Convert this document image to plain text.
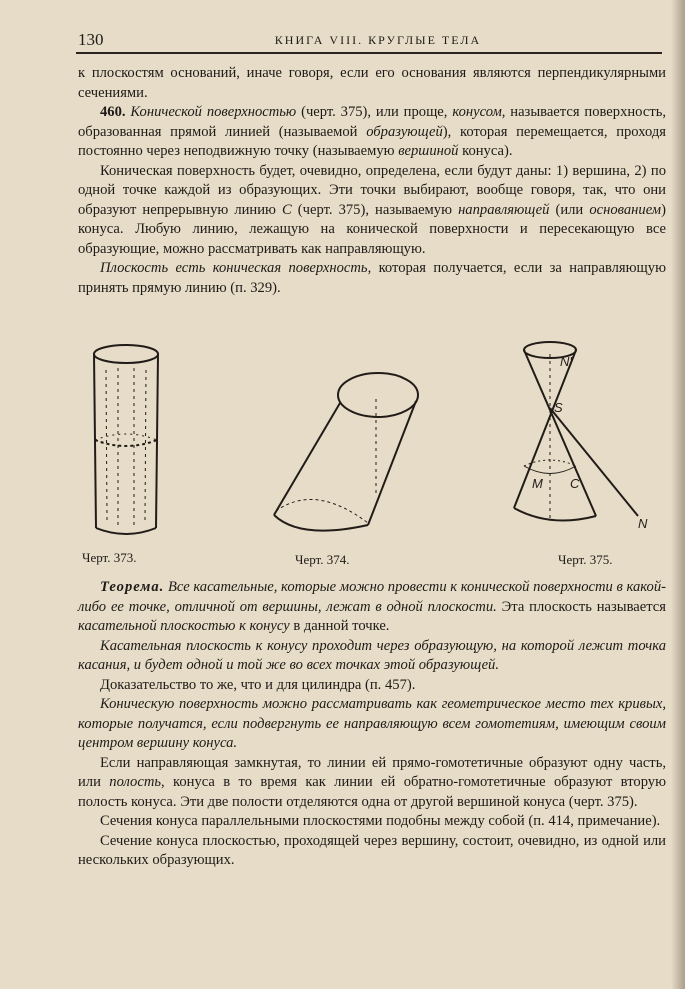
130	КНИГА VIII. КРУГЛЫЕ ТЕЛА

к плоскостям оснований, иначе говоря, если его основания являются перпендикулярными сечениями.

460. Конической поверхностью (черт. 375), или проще, конусом, называется поверхность, образованная прямой линией (называемой образующей), которая перемещается, проходя постоянно через неподвижную точку (называемую вершиной конуса).

Коническая поверхность будет, очевидно, определена, если будут даны: 1) вершина, 2) по одной точке каждой из образующих. Эти точки выбирают, вообще говоря, так, что они образуют непрерывную линию C (черт. 375), называемую направляющей (или основанием) конуса. Любую линию, лежащую на конической поверхности и пересекающую все образующие, можно рассматривать как направляющую.

Плоскость есть коническая поверхность, которая получается, если за направляющую принять прямую линию (п. 329).

Черт. 373.	Черт. 374.
N'
S
M C
N
Черт. 375.

Теорема. Все касательные, которые можно провести к конической поверхности в какой-либо ее точке, отличной от вершины, лежат в одной плоскости. Эта плоскость называется касательной плоскостью к конусу в данной точке.

Касательная плоскость к конусу проходит через образующую, на которой лежит точка касания, и будет одной и той же во всех точках этой образующей.

Доказательство то же, что и для цилиндра (п. 457).

Коническую поверхность можно рассматривать как геометрическое место тех кривых, которые получатся, если подвергнуть ее направляющую всем гомотетиям, имеющим своим центром вершину конуса.

Если направляющая замкнутая, то линии ей прямо-гомотетичные образуют одну часть, или полость, конуса в то время как линии ей обратно-гомотетичные образуют вторую полость конуса. Эти две полости отделяются одна от другой вершиной конуса (черт. 375).

Сечения конуса параллельными плоскостями подобны между собой (п. 414, примечание).

Сечение конуса плоскостью, проходящей через вершину, состоит, очевидно, из одной или нескольких образующих.
